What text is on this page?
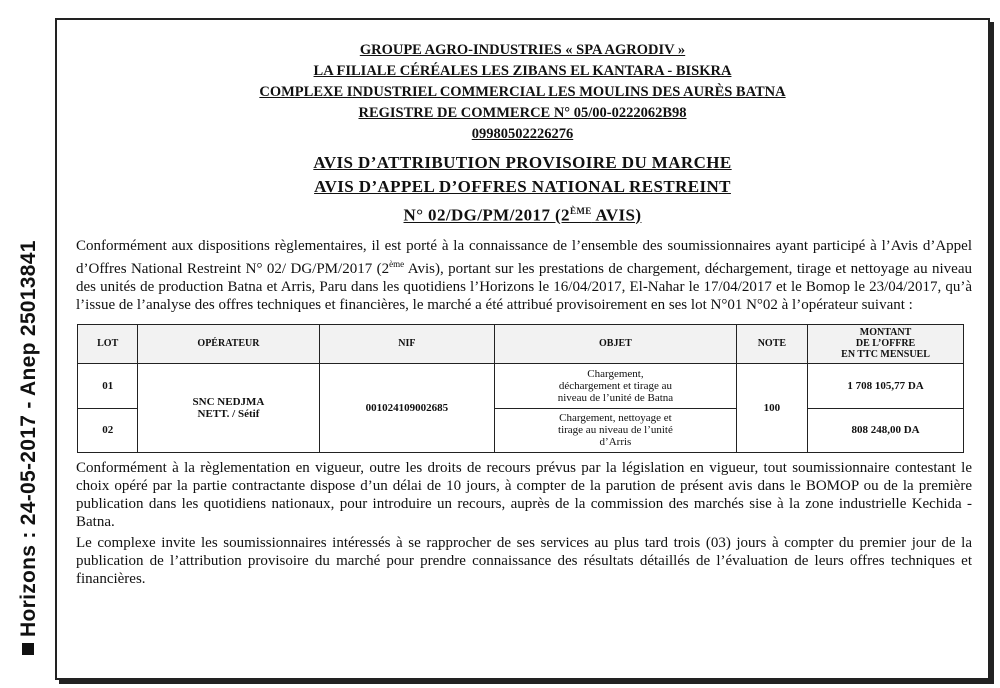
Horizons : 24-05-2017 - Anep 25013841
GROUPE AGRO-INDUSTRIES « SPA AGRODIV »
LA FILIALE CÉRÉALES LES ZIBANS EL KANTARA - BISKRA
COMPLEXE INDUSTRIEL COMMERCIAL LES MOULINS DES AURÈS BATNA
REGISTRE DE COMMERCE N° 05/00-0222062B98
09980502226276
AVIS D’ATTRIBUTION PROVISOIRE DU MARCHE
AVIS D’APPEL D’OFFRES NATIONAL RESTREINT
N° 02/DG/PM/2017 (2ÈME AVIS)

Conformément aux dispositions règlementaires, il est porté à la connaissance de l’ensemble des soumissionnaires ayant participé à l’Avis d’Appel d’Offres National Restreint N° 02/ DG/PM/2017 (2ème Avis), portant sur les prestations de chargement, déchargement, tirage et nettoyage au niveau des unités de production Batna et Arris, Paru dans les quotidiens l’Horizons le 16/04/2017, El-Nahar le 17/04/2017 et le Bomop le 23/04/2017, qu’à l’issue de l’analyse des offres techniques et financières, le marché a été attribué provisoirement en ses lot N°01 N°02 à l’opérateur suivant :

LOT	OPÉRATEUR	NIF	OBJET	NOTE	MONTANT
DE L’OFFRE
EN TTC MENSUEL
01	SNC NEDJMA
NETT. / Sétif	001024109002685	Chargement,
déchargement et tirage au
niveau de l’unité de Batna	100	1 708 105,77 DA
02			Chargement, nettoyage et
tirage au niveau de l’unité
d’Arris		808 248,00 DA

Conformément à la règlementation en vigueur, outre les droits de recours prévus par la législation en vigueur, tout soumissionnaire contestant le choix opéré par la partie contractante dispose d’un délai de 10 jours, à compter de la parution de présent avis dans le BOMOP ou de la première publication dans les quotidiens nationaux, pour introduire un recours, auprès de la commission des marchés sise à la zone industrielle Kechida - Batna.

Le complexe invite les soumissionnaires intéressés à se rapprocher de ses services au plus tard trois (03) jours à compter du premier jour de la publication de l’attribution provisoire du marché pour prendre connaissance des résultats détaillés de l’évaluation de leurs offres techniques et financières.
